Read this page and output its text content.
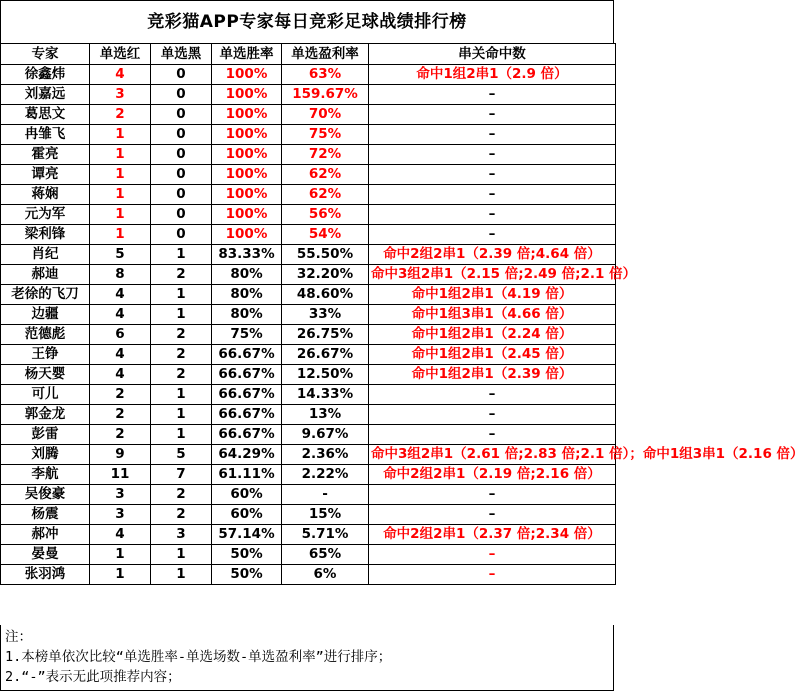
竞彩猫APP专家每日竞彩足球战绩排行榜
专家	单选红	单选黑	单选胜率	单选盈利率	串关命中数
徐鑫炜	4	0	100%	63%	命中1组2串1（2.9 倍）
刘嘉远	3	0	100%	159.67%	–
葛思文	2	0	100%	70%	–
冉雏飞	1	0	100%	75%	–
霍亮	1	0	100%	72%	–
谭亮	1	0	100%	62%	–
蒋娴	1	0	100%	62%	–
元为军	1	0	100%	56%	–
梁利锋	1	0	100%	54%	–
肖纪	5	1	83.33%	55.50%	命中2组2串1（2.39 倍;4.64 倍）
郝迪	8	2	80%	32.20%	命中3组2串1（2.15 倍;2.49 倍;2.1 倍）
老徐的飞刀	4	1	80%	48.60%	命中1组2串1（4.19 倍）
边疆	4	1	80%	33%	命中1组3串1（4.66 倍）
范德彪	6	2	75%	26.75%	命中1组2串1（2.24 倍）
王铮	4	2	66.67%	26.67%	命中1组2串1（2.45 倍）
杨天婴	4	2	66.67%	12.50%	命中1组2串1（2.39 倍）
可儿	2	1	66.67%	14.33%	–
郭金龙	2	1	66.67%	13%	–
彭雷	2	1	66.67%	9.67%	–
刘腾	9	5	64.29%	2.36%	命中3组2串1（2.61 倍;2.83 倍;2.1 倍）；命中1组3串1（2.16 倍）
李航	11	7	61.11%	2.22%	命中2组2串1（2.19 倍;2.16 倍）
吴俊豪	3	2	60%	-	–
杨震	3	2	60%	15%	–
郝冲	4	3	57.14%	5.71%	命中2组2串1（2.37 倍;2.34 倍）
晏曼	1	1	50%	65%	–
张羽鸿	1	1	50%	6%	–
注：
1.本榜单依次比较“单选胜率-单选场数-单选盈利率”进行排序；
2.“-”表示无此项推荐内容；
